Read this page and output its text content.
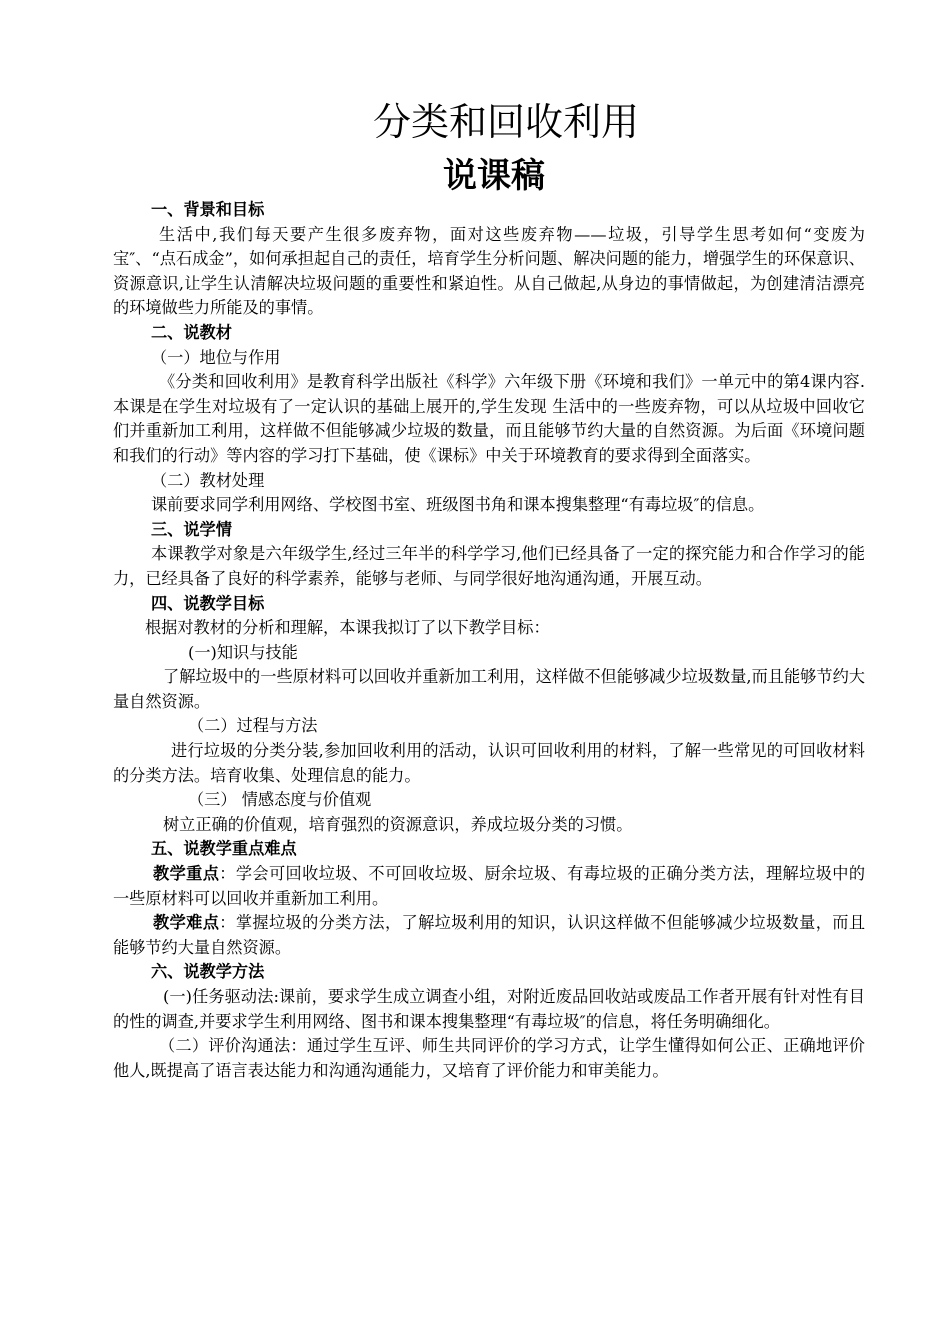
分类和回收利用
说课稿

一、背景和目标

生活中,我们每天要产生很多废弃物，面对这些废弃物——垃圾，引导学生思考如何“变废为宝″、“点石成金”，如何承担起自己的责任，培育学生分析问题、解决问题的能力，增强学生的环保意识、资源意识,让学生认清解决垃圾问题的重要性和紧迫性。从自己做起,从身边的事情做起，为创建清洁漂亮的环境做些力所能及的事情。

二、说教材

（一）地位与作用

《分类和回收利用》是教育科学出版社《科学》六年级下册《环境和我们》一单元中的第4课内容.本课是在学生对垃圾有了一定认识的基础上展开的,学生发现 生活中的一些废弃物，可以从垃圾中回收它们并重新加工利用，这样做不但能够减少垃圾的数量，而且能够节约大量的自然资源。为后面《环境问题和我们的行动》等内容的学习打下基础，使《课标》中关于环境教育的要求得到全面落实。

（二）教材处理

课前要求同学利用网络、学校图书室、班级图书角和课本搜集整理“有毒垃圾″的信息。

三、说学情

本课教学对象是六年级学生,经过三年半的科学学习,他们已经具备了一定的探究能力和合作学习的能力，已经具备了良好的科学素养，能够与老师、与同学很好地沟通沟通，开展互动。

四、说教学目标

根据对教材的分析和理解，本课我拟订了以下教学目标：

(一)知识与技能

了解垃圾中的一些原材料可以回收并重新加工利用，这样做不但能够减少垃圾数量,而且能够节约大量自然资源。

（二）过程与方法

进行垃圾的分类分装,参加回收利用的活动，认识可回收利用的材料，了解一些常见的可回收材料的分类方法。培育收集、处理信息的能力。

（三） 情感态度与价值观

树立正确的价值观，培育强烈的资源意识，养成垃圾分类的习惯。

五、说教学重点难点

教学重点：学会可回收垃圾、不可回收垃圾、厨余垃圾、有毒垃圾的正确分类方法，理解垃圾中的一些原材料可以回收并重新加工利用。

教学难点：掌握垃圾的分类方法，了解垃圾利用的知识，认识这样做不但能够减少垃圾数量，而且能够节约大量自然资源。

六、说教学方法

(一)任务驱动法:课前，要求学生成立调查小组，对附近废品回收站或废品工作者开展有针对性有目的性的调查,并要求学生利用网络、图书和课本搜集整理“有毒垃圾″的信息，将任务明确细化。

（二）评价沟通法：通过学生互评、师生共同评价的学习方式，让学生懂得如何公正、正确地评价他人,既提高了语言表达能力和沟通沟通能力，又培育了评价能力和审美能力。
